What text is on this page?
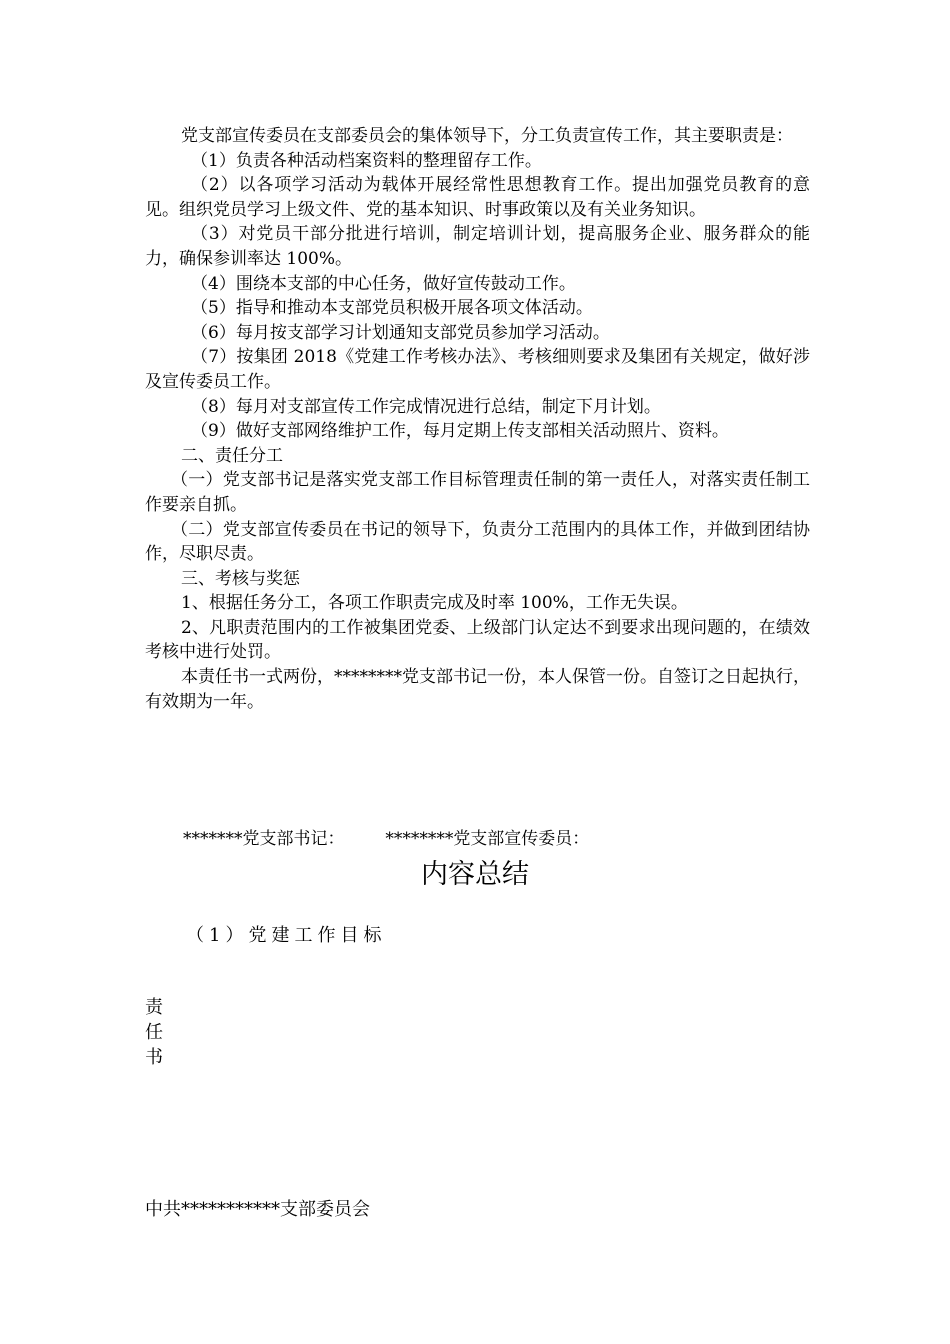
党支部宣传委员在支部委员会的集体领导下，分工负责宣传工作，其主要职责是：

（1）负责各种活动档案资料的整理留存工作。

（2）以各项学习活动为载体开展经常性思想教育工作。提出加强党员教育的意见。组织党员学习上级文件、党的基本知识、时事政策以及有关业务知识。

（3）对党员干部分批进行培训，制定培训计划，提高服务企业、服务群众的能力，确保参训率达 100%。

（4）围绕本支部的中心任务，做好宣传鼓动工作。

（5）指导和推动本支部党员积极开展各项文体活动。

（6）每月按支部学习计划通知支部党员参加学习活动。

（7）按集团 2018《党建工作考核办法》、考核细则要求及集团有关规定，做好涉及宣传委员工作。

（8）每月对支部宣传工作完成情况进行总结，制定下月计划。

（9）做好支部网络维护工作，每月定期上传支部相关活动照片、资料。

二、责任分工

（一）党支部书记是落实党支部工作目标管理责任制的第一责任人，对落实责任制工作要亲自抓。

（二）党支部宣传委员在书记的领导下，负责分工范围内的具体工作，并做到团结协作，尽职尽责。

三、考核与奖惩

1、根据任务分工，各项工作职责完成及时率 100%，工作无失误。

2、凡职责范围内的工作被集团党委、上级部门认定达不到要求出现问题的，在绩效考核中进行处罚。

本责任书一式两份，********党支部书记一份，本人保管一份。自签订之日起执行，有效期为一年。

*******党支部书记： ********党支部宣传委员：
内容总结
（1）党建工作目标
责
任
书
中共***********支部委员会
